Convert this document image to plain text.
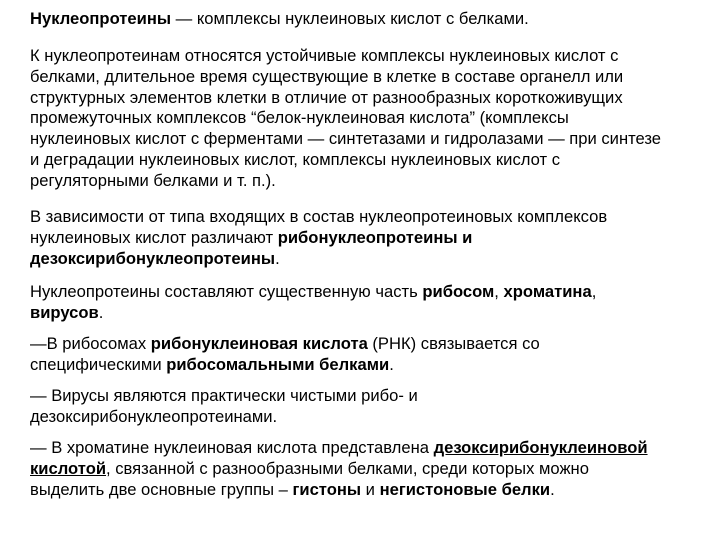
Нуклеопротеины — комплексы нуклеиновых кислот с белками.

К нуклеопротеинам относятся устойчивые комплексы нуклеиновых кислот с
белками, длительное время существующие в клетке в составе органелл или
структурных элементов клетки в отличие от разнообразных короткоживущих
промежуточных комплексов “белок-нуклеиновая кислота” (комплексы
нуклеиновых кислот с ферментами — синтетазами и гидролазами — при синтезе
и деградации нуклеиновых кислот, комплексы нуклеиновых кислот с
регуляторными белками и т. п.).

В зависимости от типа входящих в состав нуклеопротеиновых комплексов
нуклеиновых кислот различают рибонуклеопротеины и
дезоксирибонуклеопротеины.

Нуклеопротеины составляют существенную часть рибосом, хроматина,
вирусов.

—В рибосомах рибонуклеиновая кислота (РНК) связывается со
специфическими рибосомальными белками.

— Вирусы являются практически чистыми рибо- и
дезоксирибонуклеопротеинами.

— В хроматине нуклеиновая кислота представлена дезоксирибонуклеиновой
кислотой, связанной с разнообразными белками, среди которых можно
выделить две основные группы – гистоны и негистоновые белки.
